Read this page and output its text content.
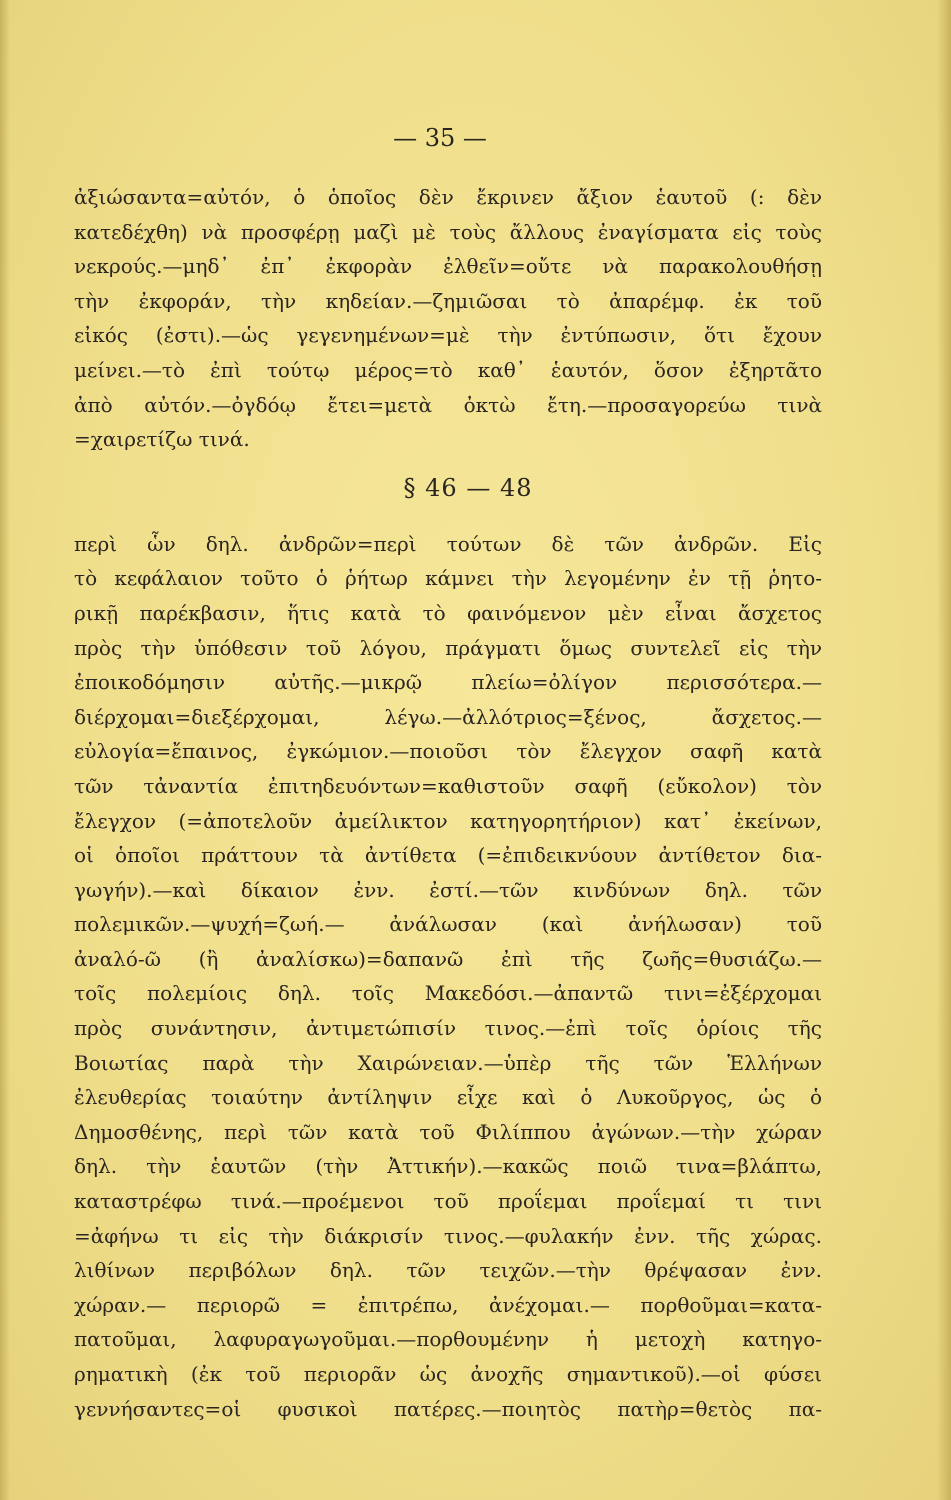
— 35 —
ἀξιώσαντα=αὐτόν, ὁ ὁποῖος δὲν ἔκρινεν ἄξιον ἑαυτοῦ (: δὲν
κατεδέχθη) νὰ προσφέρῃ μαζὶ μὲ τοὺς ἄλλους ἐναγίσματα εἰς τοὺς
νεκρούς.—μηδ᾽ ἐπ᾽ ἐκφορὰν ἐλθεῖν=οὔτε νὰ παρακολουθήσῃ
τὴν ἐκφοράν, τὴν κηδείαν.—ζημιῶσαι τὸ ἀπαρέμφ. ἐκ τοῦ
εἰκός (ἐστι).—ὡς γεγενημένων=μὲ τὴν ἐντύπωσιν, ὅτι ἔχουν
μείνει.—τὸ ἐπὶ τούτῳ μέρος=τὸ καθ᾽ ἑαυτόν, ὅσον ἐξηρτᾶτο
ἀπὸ αὐτόν.—ὀγδόῳ ἔτει=μετὰ ὀκτὼ ἔτη.—προσαγορεύω τινὰ
=χαιρετίζω τινά.
§ 46 — 48
περὶ ὧν δηλ. ἀνδρῶν=περὶ τούτων δὲ τῶν ἀνδρῶν. Εἰς
τὸ κεφάλαιον τοῦτο ὁ ῥήτωρ κάμνει τὴν λεγομένην ἐν τῇ ῥητο-
ρικῇ παρέκβασιν, ἥτις κατὰ τὸ φαινόμενον μὲν εἶναι ἄσχετος
πρὸς τὴν ὑπόθεσιν τοῦ λόγου, πράγματι ὅμως συντελεῖ εἰς τὴν
ἐποικοδόμησιν αὐτῆς.—μικρῷ πλείω=ὀλίγον περισσότερα.—
διέρχομαι=διεξέρχομαι, λέγω.—ἀλλότριος=ξένος, ἄσχετος.—
εὐλογία=ἔπαινος, ἐγκώμιον.—ποιοῦσι τὸν ἔλεγχον σαφῆ κατὰ
τῶν τἀναντία ἐπιτηδευόντων=καθιστοῦν σαφῆ (εὔκολον) τὸν
ἔλεγχον (=ἀποτελοῦν ἀμείλικτον κατηγορητήριον) κατ᾽ ἐκείνων,
οἱ ὁποῖοι πράττουν τὰ ἀντίθετα (=ἐπιδεικνύουν ἀντίθετον δια-
γωγήν).—καὶ δίκαιον ἐνν. ἐστί.—τῶν κινδύνων δηλ. τῶν
πολεμικῶν.—ψυχή=ζωή.— ἀνάλωσαν (καὶ ἀνήλωσαν) τοῦ
ἀναλό-ῶ (ἢ ἀναλίσκω)=δαπανῶ ἐπὶ τῆς ζωῆς=θυσιάζω.—
τοῖς πολεμίοις δηλ. τοῖς Μακεδόσι.—ἀπαντῶ τινι=ἐξέρχομαι
πρὸς συνάντησιν, ἀντιμετώπισίν τινος.—ἐπὶ τοῖς ὁρίοις τῆς
Βοιωτίας παρὰ τὴν Χαιρώνειαν.—ὑπὲρ τῆς τῶν Ἑλλήνων
ἐλευθερίας τοιαύτην ἀντίληψιν εἶχε καὶ ὁ Λυκοῦργος, ὡς ὁ
Δημοσθένης, περὶ τῶν κατὰ τοῦ Φιλίππου ἀγώνων.—τὴν χώραν
δηλ. τὴν ἑαυτῶν (τὴν Ἀττικήν).—κακῶς ποιῶ τινα=βλάπτω,
καταστρέφω τινά.—προέμενοι τοῦ προΐεμαι προΐεμαί τι τινι
=ἀφήνω τι εἰς τὴν διάκρισίν τινος.—φυλακήν ἐνν. τῆς χώρας.
λιθίνων περιβόλων δηλ. τῶν τειχῶν.—τὴν θρέψασαν ἐνν.
χώραν.— περιορῶ = ἐπιτρέπω, ἀνέχομαι.— πορθοῦμαι=κατα-
πατοῦμαι, λαφυραγωγοῦμαι.—πορθουμένην ἡ μετοχὴ κατηγο-
ρηματικὴ (ἐκ τοῦ περιορᾶν ὡς ἀνοχῆς σημαντικοῦ).—οἱ φύσει
γεννήσαντες=οἱ φυσικοὶ πατέρες.—ποιητὸς πατὴρ=θετὸς πα-
